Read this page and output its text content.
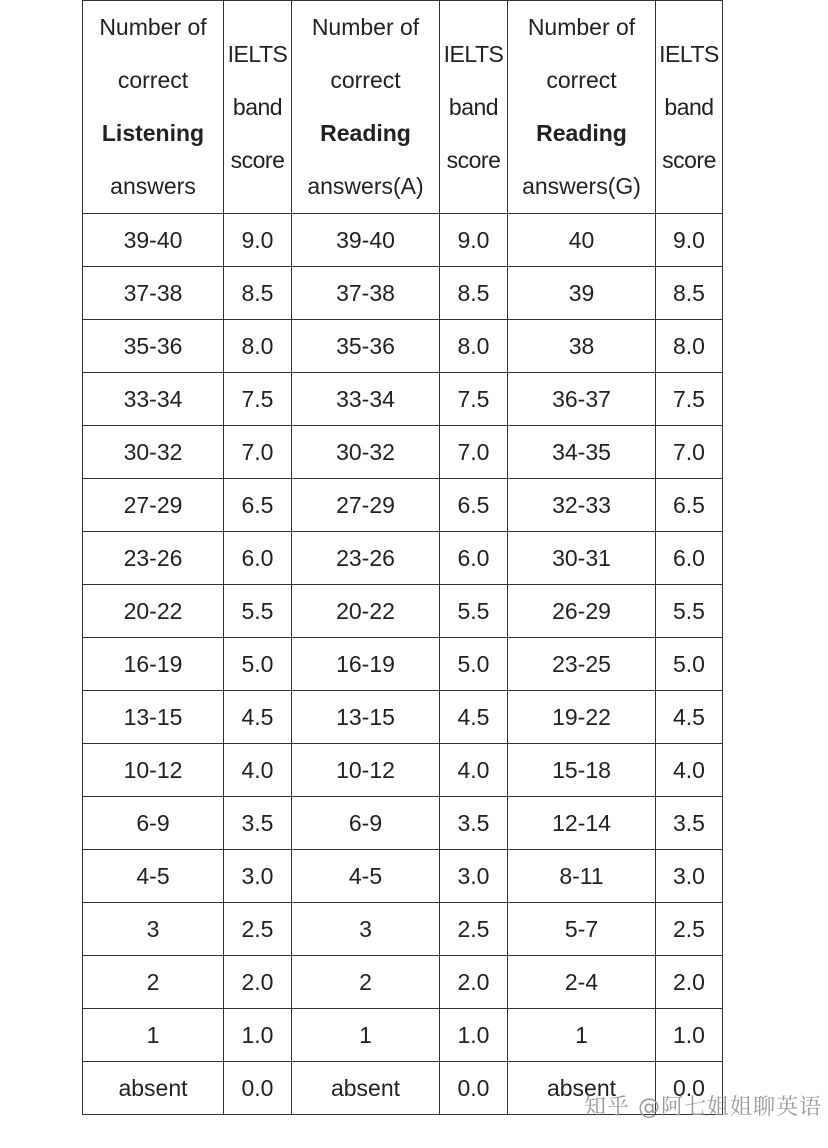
Number of
correct
Listening
answers	IELTS
band
score	Number of
correct
Reading
answers(A)	IELTS
band
score	Number of
correct
Reading
answers(G)	IELTS
band
score

39-40	9.0	39-40	9.0	40	9.0
37-38	8.5	37-38	8.5	39	8.5
35-36	8.0	35-36	8.0	38	8.0
33-34	7.5	33-34	7.5	36-37	7.5
30-32	7.0	30-32	7.0	34-35	7.0
27-29	6.5	27-29	6.5	32-33	6.5
23-26	6.0	23-26	6.0	30-31	6.0
20-22	5.5	20-22	5.5	26-29	5.5
16-19	5.0	16-19	5.0	23-25	5.0
13-15	4.5	13-15	4.5	19-22	4.5
10-12	4.0	10-12	4.0	15-18	4.0
6-9	3.5	6-9	3.5	12-14	3.5
4-5	3.0	4-5	3.0	8-11	3.0
3	2.5	3	2.5	5-7	2.5
2	2.0	2	2.0	2-4	2.0
1	1.0	1	1.0	1	1.0
absent	0.0	absent	0.0	absent	0.0
知乎 @阿七姐姐聊英语
